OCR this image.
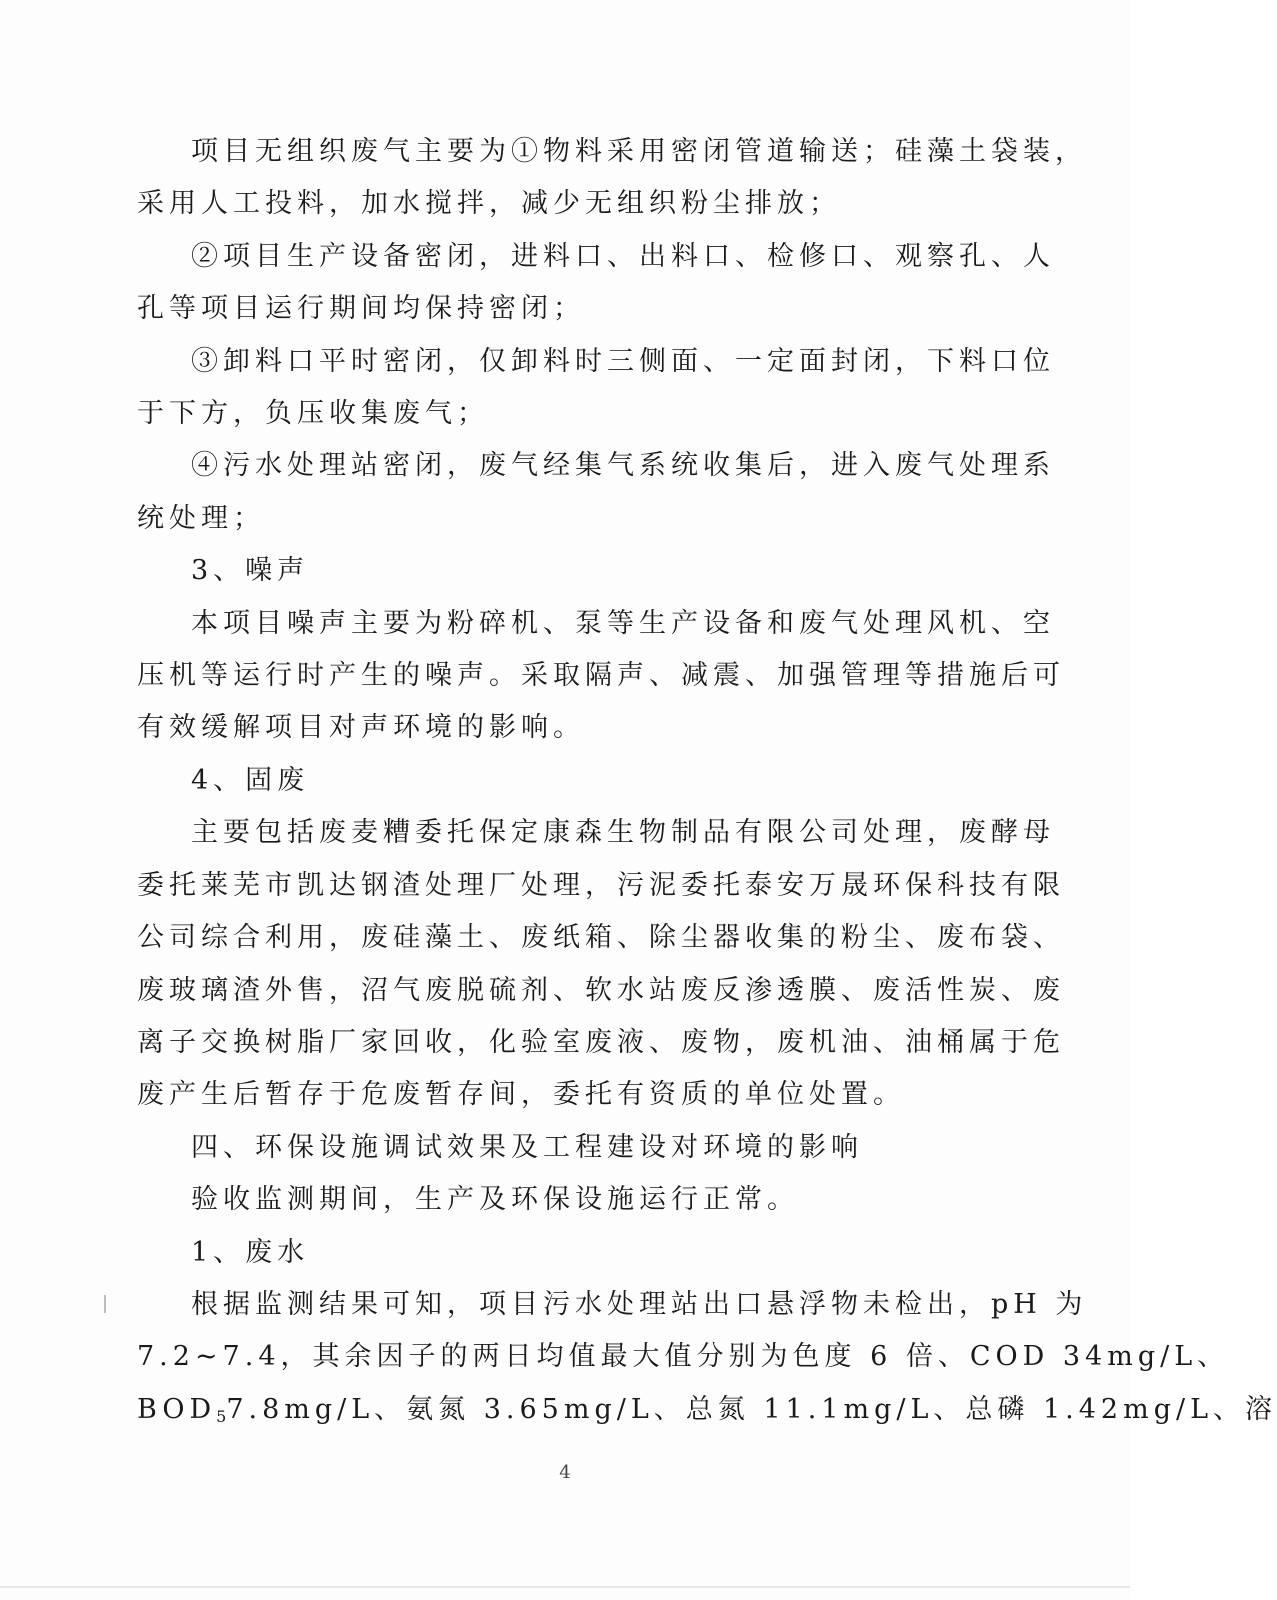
项目无组织废气主要为①物料采用密闭管道输送；硅藻土袋装，
采用人工投料，加水搅拌，减少无组织粉尘排放；

②项目生产设备密闭，进料口、出料口、检修口、观察孔、人
孔等项目运行期间均保持密闭；

③卸料口平时密闭，仅卸料时三侧面、一定面封闭，下料口位
于下方，负压收集废气；

④污水处理站密闭，废气经集气系统收集后，进入废气处理系
统处理；

3、噪声

本项目噪声主要为粉碎机、泵等生产设备和废气处理风机、空
压机等运行时产生的噪声。采取隔声、减震、加强管理等措施后可
有效缓解项目对声环境的影响。

4、固废

主要包括废麦糟委托保定康森生物制品有限公司处理，废酵母
委托莱芜市凯达钢渣处理厂处理，污泥委托泰安万晟环保科技有限
公司综合利用，废硅藻土、废纸箱、除尘器收集的粉尘、废布袋、
废玻璃渣外售，沼气废脱硫剂、软水站废反渗透膜、废活性炭、废
离子交换树脂厂家回收，化验室废液、废物，废机油、油桶属于危
废产生后暂存于危废暂存间，委托有资质的单位处置。

四、环保设施调试效果及工程建设对环境的影响

验收监测期间，生产及环保设施运行正常。

1、废水

根据监测结果可知，项目污水处理站出口悬浮物未检出，pH 为
7.2~7.4，其余因子的两日均值最大值分别为色度 6 倍、COD 34mg/L、
$BOD_57.8mg/L$、氨氮 3.65mg/L、总氮 11.1mg/L、总磷 1.42mg/L、溶

4
